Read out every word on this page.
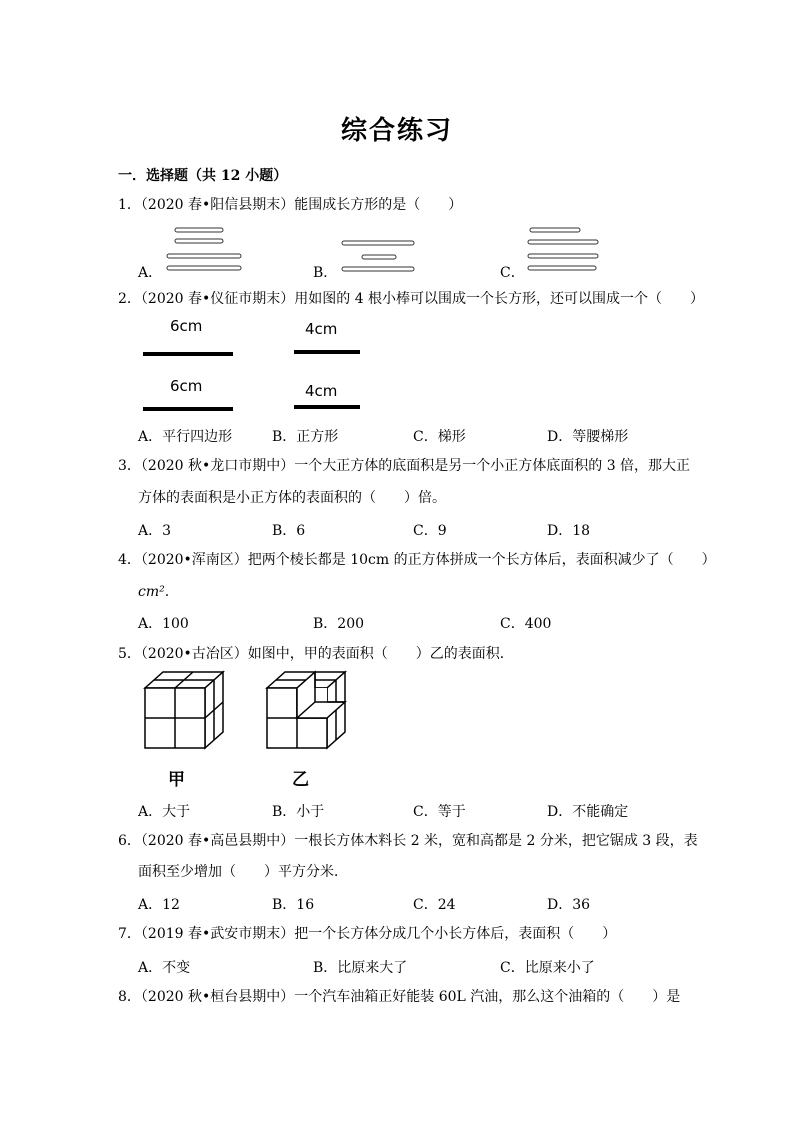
综合练习
一．选择题（共 12 小题）
1．（2020 春•阳信县期末）能围成长方形的是（　　）
A．	B．	C．
2．（2020 春•仪征市期末）用如图的 4 根小棒可以围成一个长方形，还可以围成一个（　　）
6cm
6cm
4cm
4cm
A．平行四边形	B．正方形	C．梯形	D．等腰梯形
3．（2020 秋•龙口市期中）一个大正方体的底面积是另一个小正方体底面积的 3 倍，那大正
方体的表面积是小正方体的表面积的（　　）倍。
A．3	B．6	C．9	D．18
4．（2020•浑南区）把两个棱长都是 10cm 的正方体拼成一个长方体后，表面积减少了（　　）
cm².
A．100	B．200	C．400
5．（2020•古冶区）如图中，甲的表面积（　　）乙的表面积．
甲	乙
A．大于	B．小于	C．等于	D．不能确定
6．（2020 春•高邑县期中）一根长方体木料长 2 米，宽和高都是 2 分米，把它锯成 3 段，表
面积至少增加（　　）平方分米．
A．12	B．16	C．24	D．36
7．（2019 春•武安市期末）把一个长方体分成几个小长方体后，表面积（　　）
A．不变	B．比原来大了	C．比原来小了
8．（2020 秋•桓台县期中）一个汽车油箱正好能装 60L 汽油，那么这个油箱的（　　）是
